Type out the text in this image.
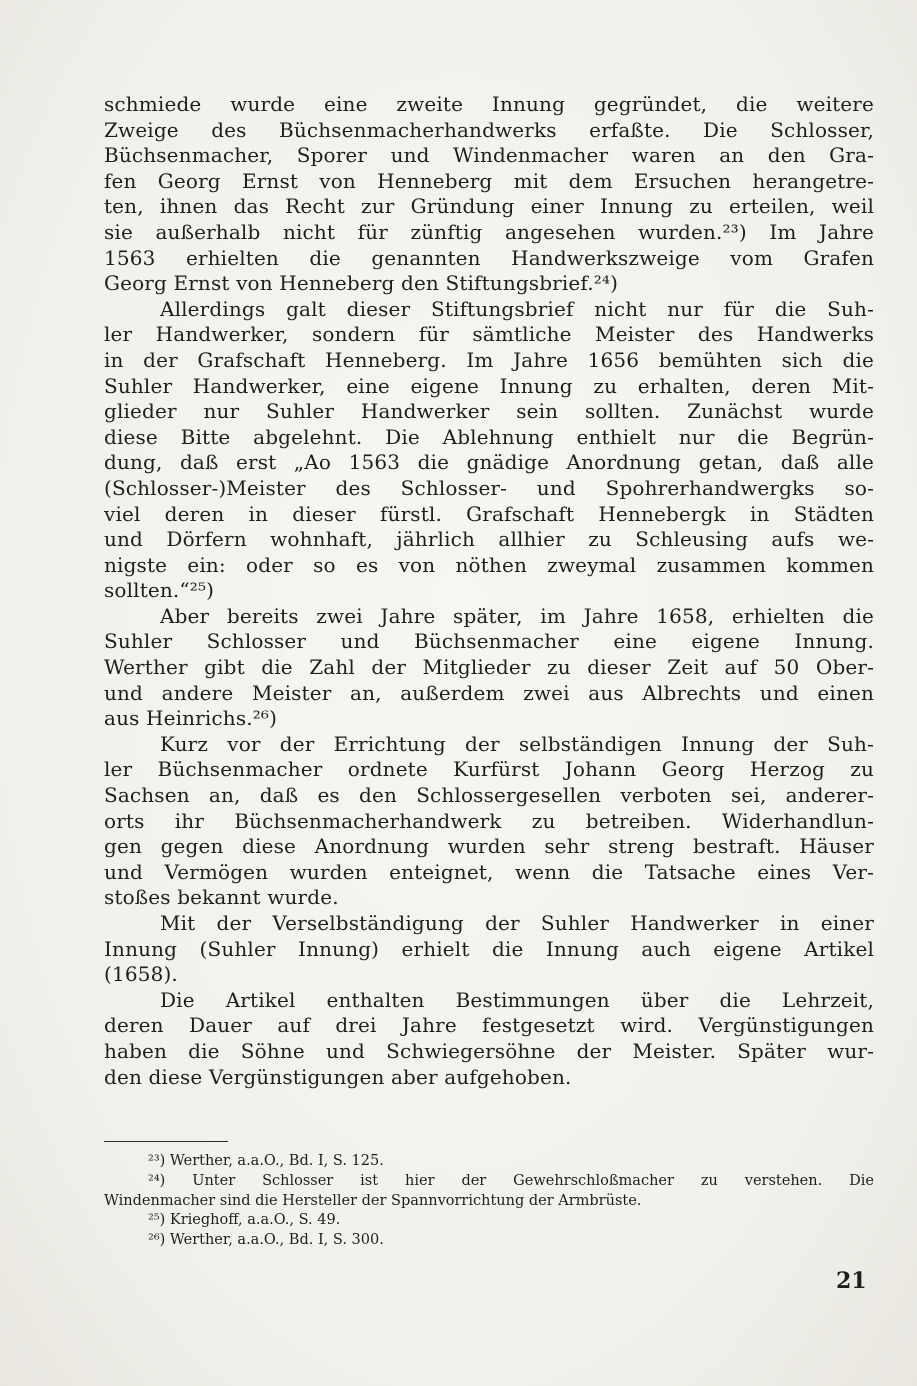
schmiede wurde eine zweite Innung gegründet, die weitere
Zweige des Büchsenmacherhandwerks erfaßte. Die Schlosser,
Büchsenmacher, Sporer und Windenmacher waren an den Gra-
fen Georg Ernst von Henneberg mit dem Ersuchen herangetre-
ten, ihnen das Recht zur Gründung einer Innung zu erteilen, weil
sie außerhalb nicht für zünftig angesehen wurden.²³) Im Jahre
1563 erhielten die genannten Handwerkszweige vom Grafen
Georg Ernst von Henneberg den Stiftungsbrief.²⁴)
Allerdings galt dieser Stiftungsbrief nicht nur für die Suh-
ler Handwerker, sondern für sämtliche Meister des Handwerks
in der Grafschaft Henneberg. Im Jahre 1656 bemühten sich die
Suhler Handwerker, eine eigene Innung zu erhalten, deren Mit-
glieder nur Suhler Handwerker sein sollten. Zunächst wurde
diese Bitte abgelehnt. Die Ablehnung enthielt nur die Begrün-
dung, daß erst „Ao 1563 die gnädige Anordnung getan, daß alle
(Schlosser-)Meister des Schlosser- und Spohrerhandwergks so-
viel deren in dieser fürstl. Grafschaft Hennebergk in Städten
und Dörfern wohnhaft, jährlich allhier zu Schleusing aufs we-
nigste ein: oder so es von nöthen zweymal zusammen kommen
sollten.“²⁵)
Aber bereits zwei Jahre später, im Jahre 1658, erhielten die
Suhler Schlosser und Büchsenmacher eine eigene Innung.
Werther gibt die Zahl der Mitglieder zu dieser Zeit auf 50 Ober-
und andere Meister an, außerdem zwei aus Albrechts und einen
aus Heinrichs.²⁶)
Kurz vor der Errichtung der selbständigen Innung der Suh-
ler Büchsenmacher ordnete Kurfürst Johann Georg Herzog zu
Sachsen an, daß es den Schlossergesellen verboten sei, anderer-
orts ihr Büchsenmacherhandwerk zu betreiben. Widerhandlun-
gen gegen diese Anordnung wurden sehr streng bestraft. Häuser
und Vermögen wurden enteignet, wenn die Tatsache eines Ver-
stoßes bekannt wurde.
Mit der Verselbständigung der Suhler Handwerker in einer
Innung (Suhler Innung) erhielt die Innung auch eigene Artikel
(1658).
Die Artikel enthalten Bestimmungen über die Lehrzeit,
deren Dauer auf drei Jahre festgesetzt wird. Vergünstigungen
haben die Söhne und Schwiegersöhne der Meister. Später wur-
den diese Vergünstigungen aber aufgehoben.
²³) Werther, a.a.O., Bd. I, S. 125.
²⁴) Unter Schlosser ist hier der Gewehrschloßmacher zu verstehen. Die
Windenmacher sind die Hersteller der Spannvorrichtung der Armbrüste.
²⁵) Krieghoff, a.a.O., S. 49.
²⁶) Werther, a.a.O., Bd. I, S. 300.
21
